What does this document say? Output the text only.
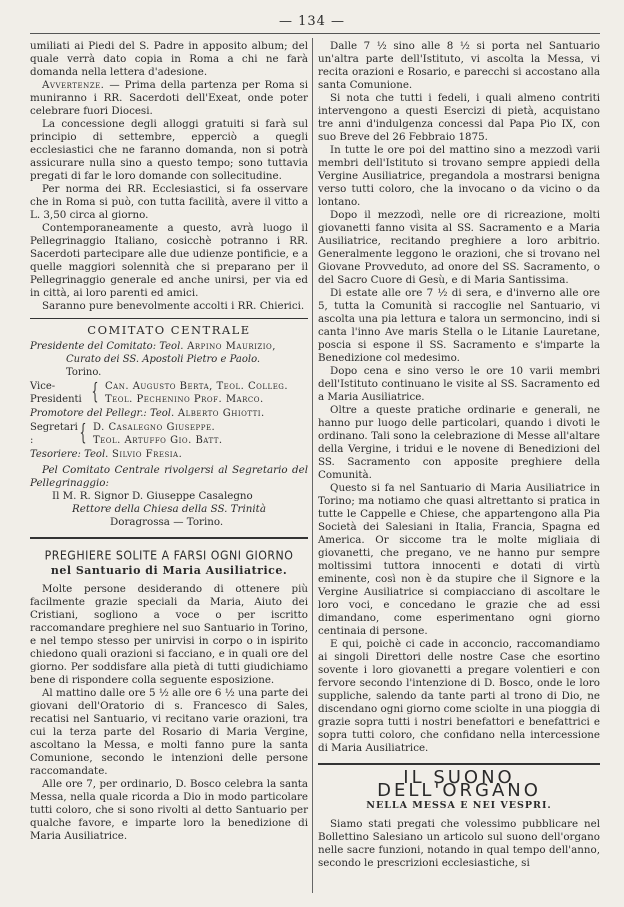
— 134 —

umiliati ai Piedi del S. Padre in apposito album; del quale verrà dato copia in Roma a chi ne farà domanda nella lettera d'adesione.

Avvertenze. — Prima della partenza per Roma si muniranno i RR. Sacerdoti dell'Exeat, onde poter celebrare fuori Diocesi.

La concessione degli alloggi gratuiti si farà sul principio di settembre, epperciò a quegli ecclesiastici che ne faranno domanda, non si potrà assicurare nulla sino a questo tempo; sono tuttavia pregati di far le loro domande con sollecitudine.

Per norma dei RR. Ecclesiastici, si fa osservare che in Roma si può, con tutta facilità, avere il vitto a L. 3,50 circa al giorno.

Contemporaneamente a questo, avrà luogo il Pellegrinaggio Italiano, cosicchè potranno i RR. Sacerdoti partecipare alle due udienze pontificie, e a quelle maggiori solennità che si preparano per il Pellegrinaggio generale ed anche unirsi, per via ed in città, ai loro parenti ed amici.

Saranno pure benevolmente accolti i RR. Chierici.

COMITATO CENTRALE
Presidente del Comitato: Teol. Arpino Maurizio,
Curato dei SS. Apostoli Pietro e Paolo.
Torino.
Vice-Presidenti { Can. Augusto Berta, Teol. Colleg.
Teol. Pechenino Prof. Marco.
Promotore del Pellegr.: Teol. Alberto Ghiotti.
Segretari :	{ D. Casalegno Giuseppe.
Teol. Artuffo Gio. Batt.
Tesoriere: Teol. Silvio Fresia.

Pel Comitato Centrale rivolgersi al Segretario del Pellegrinaggio:

Il M. R. Signor D. Giuseppe Casalegno
Rettore della Chiesa della SS. Trinità
Doragrossa — Torino.
PREGHIERE SOLITE A FARSI OGNI GIORNO
nel Santuario di Maria Ausiliatrice.

Molte persone desiderando di ottenere più facilmente grazie speciali da Maria, Aiuto dei Cristiani, sogliono a voce o per iscritto raccomandare preghiere nel suo Santuario in Torino, e nel tempo stesso per unirvisi in corpo o in ispirito chiedono quali orazioni si facciano, e in quali ore del giorno. Per soddisfare alla pietà di tutti giudichiamo bene di rispondere colla seguente esposizione.

Al mattino dalle ore 5 ½ alle ore 6 ½ una parte dei giovani dell'Oratorio di s. Francesco di Sales, recatisi nel Santuario, vi recitano varie orazioni, tra cui la terza parte del Rosario di Maria Vergine, ascoltano la Messa, e molti fanno pure la santa Comunione, secondo le intenzioni delle persone raccomandate.

Alle ore 7, per ordinario, D. Bosco celebra la santa Messa, nella quale ricorda a Dio in modo particolare tutti coloro, che si sono rivolti al detto Santuario per qualche favore, e imparte loro la benedizione di Maria Ausiliatrice.

Dalle 7 ½ sino alle 8 ½ si porta nel Santuario un'altra parte dell'Istituto, vi ascolta la Messa, vi recita orazioni e Rosario, e parecchi si accostano alla santa Comunione.

Si nota che tutti i fedeli, i quali almeno contriti intervengono a questi Esercizi di pietà, acquistano tre anni d'indulgenza concessi dal Papa Pio IX, con suo Breve del 26 Febbraio 1875.

In tutte le ore poi del mattino sino a mezzodì varii membri dell'Istituto si trovano sempre appiedi della Vergine Ausiliatrice, pregandola a mostrarsi benigna verso tutti coloro, che la invocano o da vicino o da lontano.

Dopo il mezzodì, nelle ore di ricreazione, molti giovanetti fanno visita al SS. Sacramento e a Maria Ausiliatrice, recitando preghiere a loro arbitrio. Generalmente leggono le orazioni, che si trovano nel Giovane Provveduto, ad onore del SS. Sacramento, o del Sacro Cuore di Gesù, e di Maria Santissima.

Di estate alle ore 7 ½ di sera, e d'inverno alle ore 5, tutta la Comunità si raccoglie nel Santuario, vi ascolta una pia lettura e talora un sermoncino, indi si canta l'inno Ave maris Stella o le Litanie Lauretane, poscia si espone il SS. Sacramento e s'imparte la Benedizione col medesimo.

Dopo cena e sino verso le ore 10 varii membri dell'Istituto continuano le visite al SS. Sacramento ed a Maria Ausiliatrice.

Oltre a queste pratiche ordinarie e generali, ne hanno pur luogo delle particolari, quando i divoti le ordinano. Tali sono la celebrazione di Messe all'altare della Vergine, i tridui e le novene di Benedizioni del SS. Sacramento con apposite preghiere della Comunità.

Questo si fa nel Santuario di Maria Ausiliatrice in Torino; ma notiamo che quasi altrettanto si pratica in tutte le Cappelle e Chiese, che appartengono alla Pia Società dei Salesiani in Italia, Francia, Spagna ed America. Or siccome tra le molte migliaia di giovanetti, che pregano, ve ne hanno pur sempre moltissimi tuttora innocenti e dotati di virtù eminente, così non è da stupire che il Signore e la Vergine Ausiliatrice si compiacciano di ascoltare le loro voci, e concedano le grazie che ad essi dimandano, come esperimentano ogni giorno centinaia di persone.

E qui, poichè ci cade in acconcio, raccomandiamo ai singoli Direttori delle nostre Case che esortino sovente i loro giovanetti a pregare volentieri e con fervore secondo l'intenzione di D. Bosco, onde le loro suppliche, salendo da tante parti al trono di Dio, ne discendano ogni giorno come sciolte in una pioggia di grazie sopra tutti i nostri benefattori e benefattrici e sopra tutti coloro, che confidano nella intercessione di Maria Ausiliatrice.

IL SUONO DELL'ORGANO
NELLA MESSA E NEI VESPRI.

Siamo stati pregati che volessimo pubblicare nel Bollettino Salesiano un articolo sul suono dell'organo nelle sacre funzioni, notando in qual tempo dell'anno, secondo le prescrizioni ecclesiastiche, si
